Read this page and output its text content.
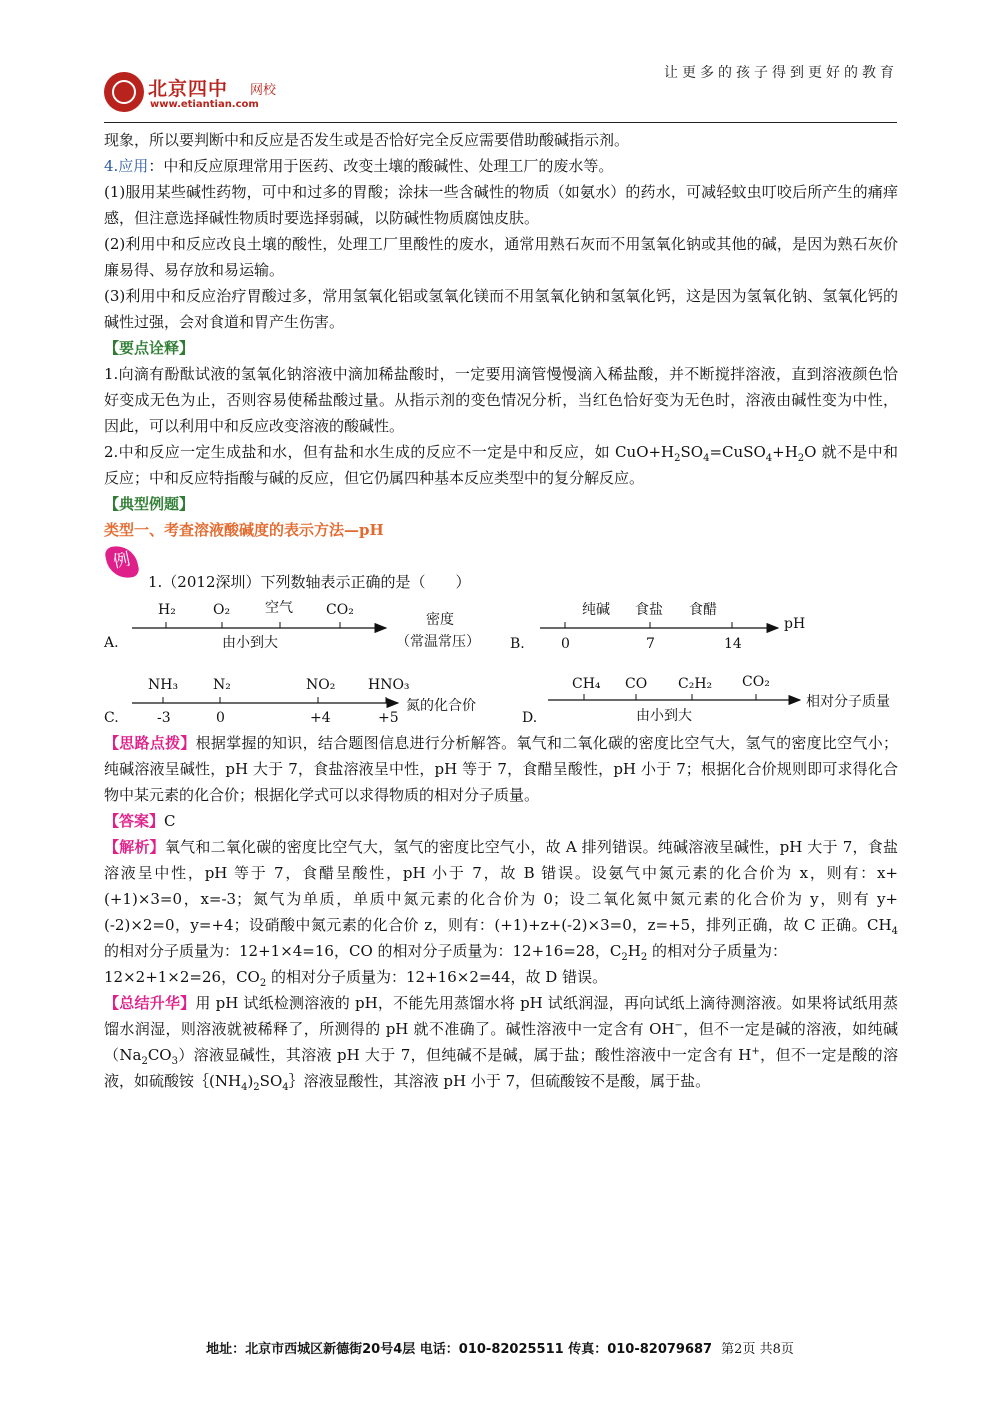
北京四中 网校
www.etiantian.com
让更多的孩子得到更好的教育

现象，所以要判断中和反应是否发生或是否恰好完全反应需要借助酸碱指示剂。

4.应用：中和反应原理常用于医药、改变土壤的酸碱性、处理工厂的废水等。

(1)服用某些碱性药物，可中和过多的胃酸；涂抹一些含碱性的物质（如氨水）的药水，可减轻蚊虫叮咬后所产生的痛痒感，但注意选择碱性物质时要选择弱碱，以防碱性物质腐蚀皮肤。

(2)利用中和反应改良土壤的酸性，处理工厂里酸性的废水，通常用熟石灰而不用氢氧化钠或其他的碱，是因为熟石灰价廉易得、易存放和易运输。

(3)利用中和反应治疗胃酸过多，常用氢氧化铝或氢氧化镁而不用氢氧化钠和氢氧化钙，这是因为氢氧化钠、氢氧化钙的碱性过强，会对食道和胃产生伤害。

【要点诠释】

1.向滴有酚酞试液的氢氧化钠溶液中滴加稀盐酸时，一定要用滴管慢慢滴入稀盐酸，并不断搅拌溶液，直到溶液颜色恰好变成无色为止，否则容易使稀盐酸过量。从指示剂的变色情况分析，当红色恰好变为无色时，溶液由碱性变为中性，因此，可以利用中和反应改变溶液的酸碱性。

2.中和反应一定生成盐和水，但有盐和水生成的反应不一定是中和反应，如 $CuO+H_2SO_4=CuSO_4+H_2O$ 就不是中和反应；中和反应特指酸与碱的反应，但它仍属四种基本反应类型中的复分解反应。

【典型例题】

类型一、考查溶液酸碱度的表示方法—pH

例
1.（2012深圳）下列数轴表示正确的是（　　）
A.
H₂	O₂ 空气 CO₂
由小到大
密度
（常温常压） B.	0	7	14
纯碱 食盐 食醋
pH
C.
NH₃ N₂	NO₂ HNO₃
-3	0	+4	+5
氮的化合价
D.
CH₄ CO C₂H₂ CO₂
由小到大
相对分子质量

【思路点拨】根据掌握的知识，结合题图信息进行分析解答。氧气和二氧化碳的密度比空气大，氢气的密度比空气小；纯碱溶液呈碱性，pH 大于 7，食盐溶液呈中性，pH 等于 7，食醋呈酸性，pH 小于 7；根据化合价规则即可求得化合物中某元素的化合价；根据化学式可以求得物质的相对分子质量。

【答案】C

【解析】氧气和二氧化碳的密度比空气大，氢气的密度比空气小，故 A 排列错误。纯碱溶液呈碱性，pH 大于 7，食盐溶液呈中性，pH 等于 7，食醋呈酸性，pH 小于 7，故 B 错误。设氨气中氮元素的化合价为 x，则有：x+(+1)×3=0，x=-3；氮气为单质，单质中氮元素的化合价为 0；设二氧化氮中氮元素的化合价为 y，则有 y+(-2)×2=0，y=+4；设硝酸中氮元素的化合价 z，则有：(+1)+z+(-2)×3=0，z=+5，排列正确，故 C 正确。$CH_4$ 的相对分子质量为：12+1×4=16，CO 的相对分子质量为：12+16=28，$C_2H_2$ 的相对分子质量为：
12×2+1×2=26，$CO_2$ 的相对分子质量为：12+16×2=44，故 D 错误。

【总结升华】用 pH 试纸检测溶液的 pH，不能先用蒸馏水将 pH 试纸润湿，再向试纸上滴待测溶液。如果将试纸用蒸馏水润湿，则溶液就被稀释了，所测得的 pH 就不准确了。碱性溶液中一定含有 OH−，但不一定是碱的溶液，如纯碱$(Na_2CO_3)$溶液显碱性，其溶液 pH 大于 7，但纯碱不是碱，属于盐；酸性溶液中一定含有 H+，但不一定是酸的溶液，如硫酸铵$\{(NH_4)_2SO_4\}$溶液显酸性，其溶液 pH 小于 7，但硫酸铵不是酸，属于盐。

地址：北京市西城区新德街20号4层 电话：010-82025511 传真：010-82079687 第2页 共8页
